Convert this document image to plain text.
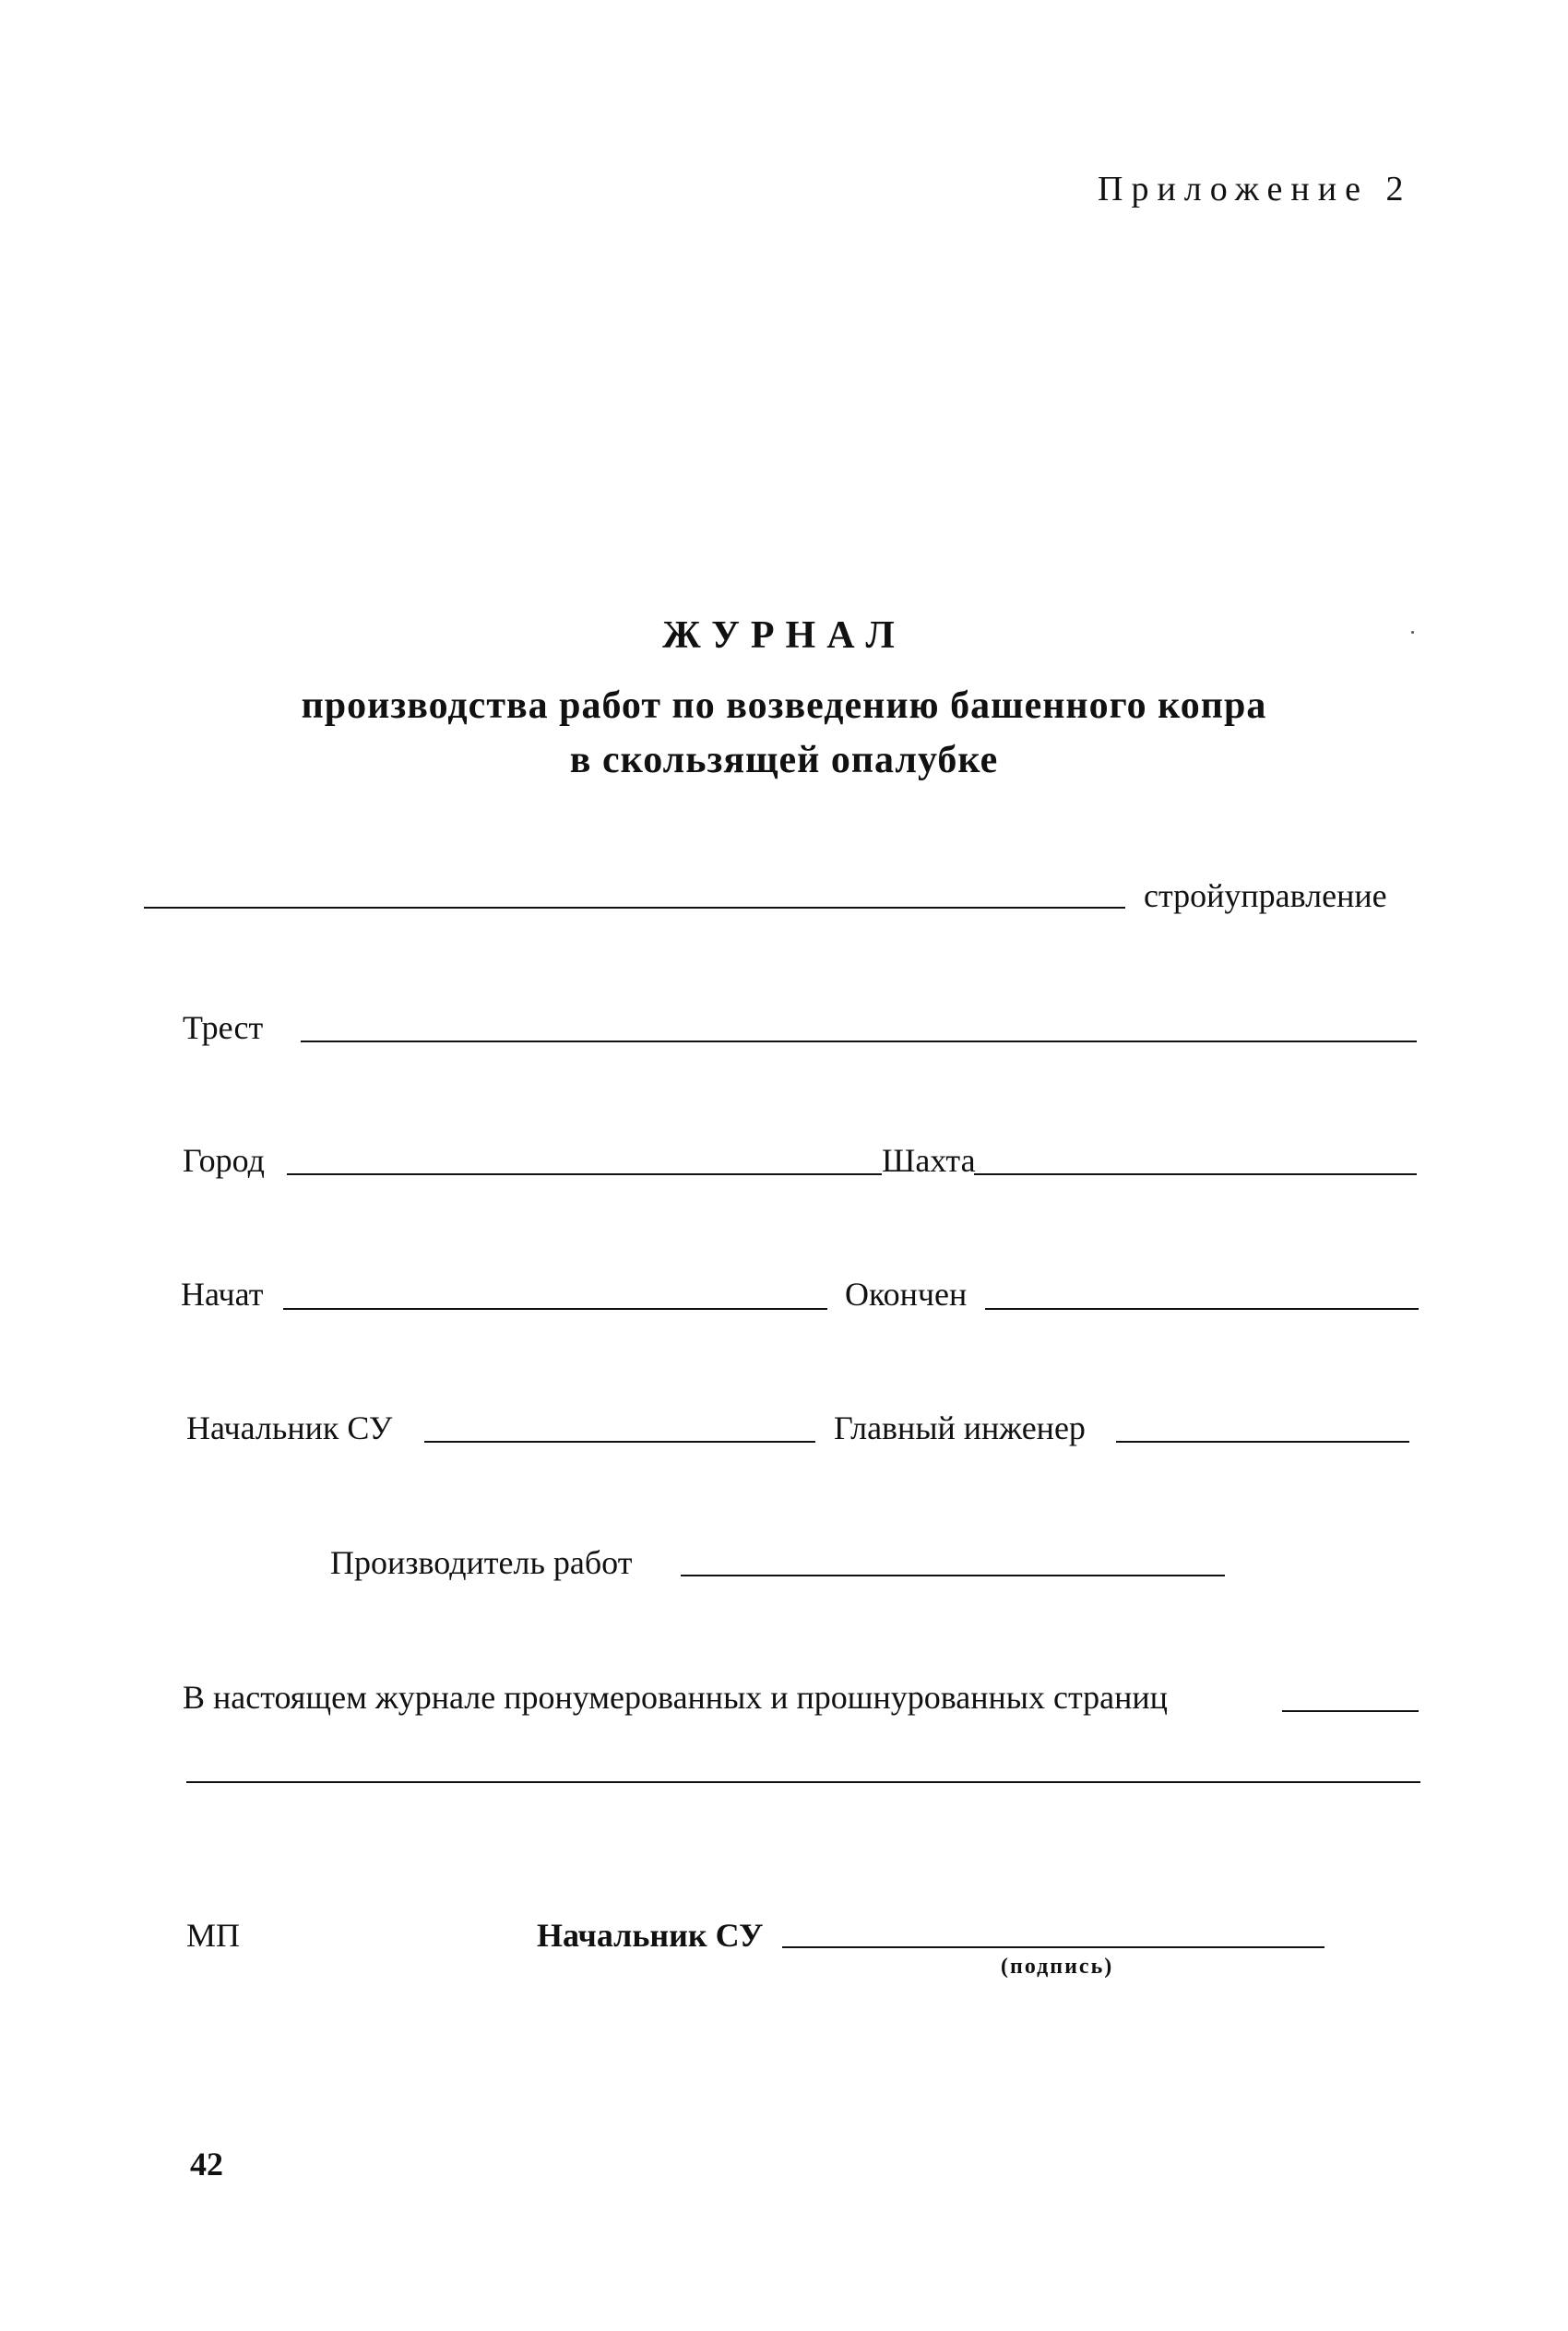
Приложение 2
ЖУРНАЛ
производства работ по возведению башенного копра
в скользящей опалубке
стройуправление
Трест
Город	Шахта
Начат	Окончен
Начальник СУ	Главный инженер
Производитель работ
В настоящем журнале пронумерованных и прошнурованных страниц
МП	Начальник СУ
(подпись)
42
